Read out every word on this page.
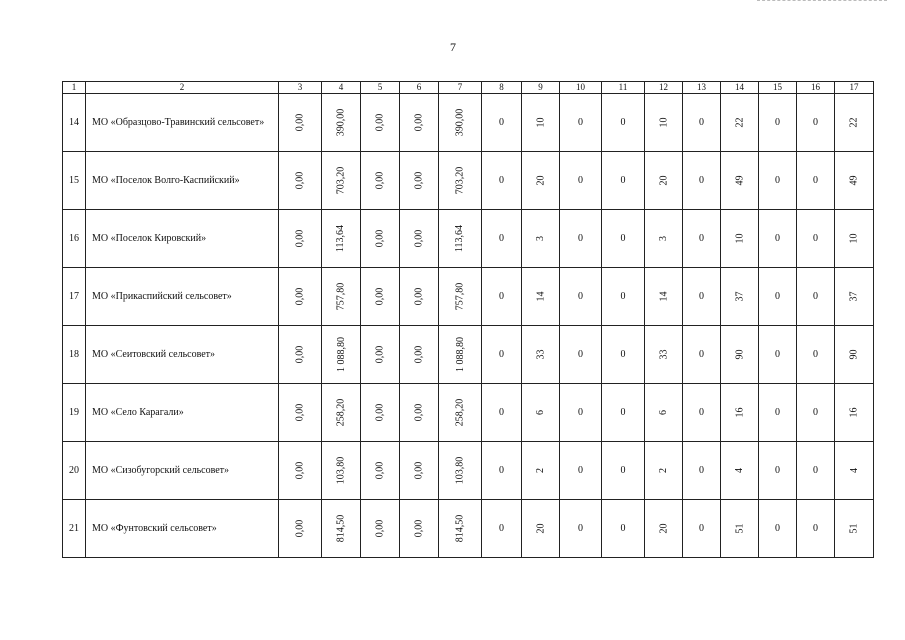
7
1	2	3	4	5	6	7	8	9	10	11	12	13	14	15	16	17
14	МО «Образцово-Травинский сельсовет»	0,00	390,00	0,00	0,00	390,00	0	10	0	0	10	0	22	0	0	22
15	МО «Поселок Волго-Каспийский»	0,00	703,20	0,00	0,00	703,20	0	20	0	0	20	0	49	0	0	49
16	МО «Поселок Кировский»	0,00	113,64	0,00	0,00	113,64	0	3	0	0	3	0	10	0	0	10
17	МО «Прикаспийский сельсовет»	0,00	757,80	0,00	0,00	757,80	0	14	0	0	14	0	37	0	0	37
18	МО «Сеитовский сельсовет»	0,00	1 088,80	0,00	0,00	1 088,80	0	33	0	0	33	0	90	0	0	90
19	МО «Село Карагали»	0,00	258,20	0,00	0,00	258,20	0	6	0	0	6	0	16	0	0	16
20	МО «Сизобугорский сельсовет»	0,00	103,80	0,00	0,00	103,80	0	2	0	0	2	0	4	0	0	4
21	МО «Фунтовский сельсовет»	0,00	814,50	0,00	0,00	814,50	0	20	0	0	20	0	51	0	0	51
